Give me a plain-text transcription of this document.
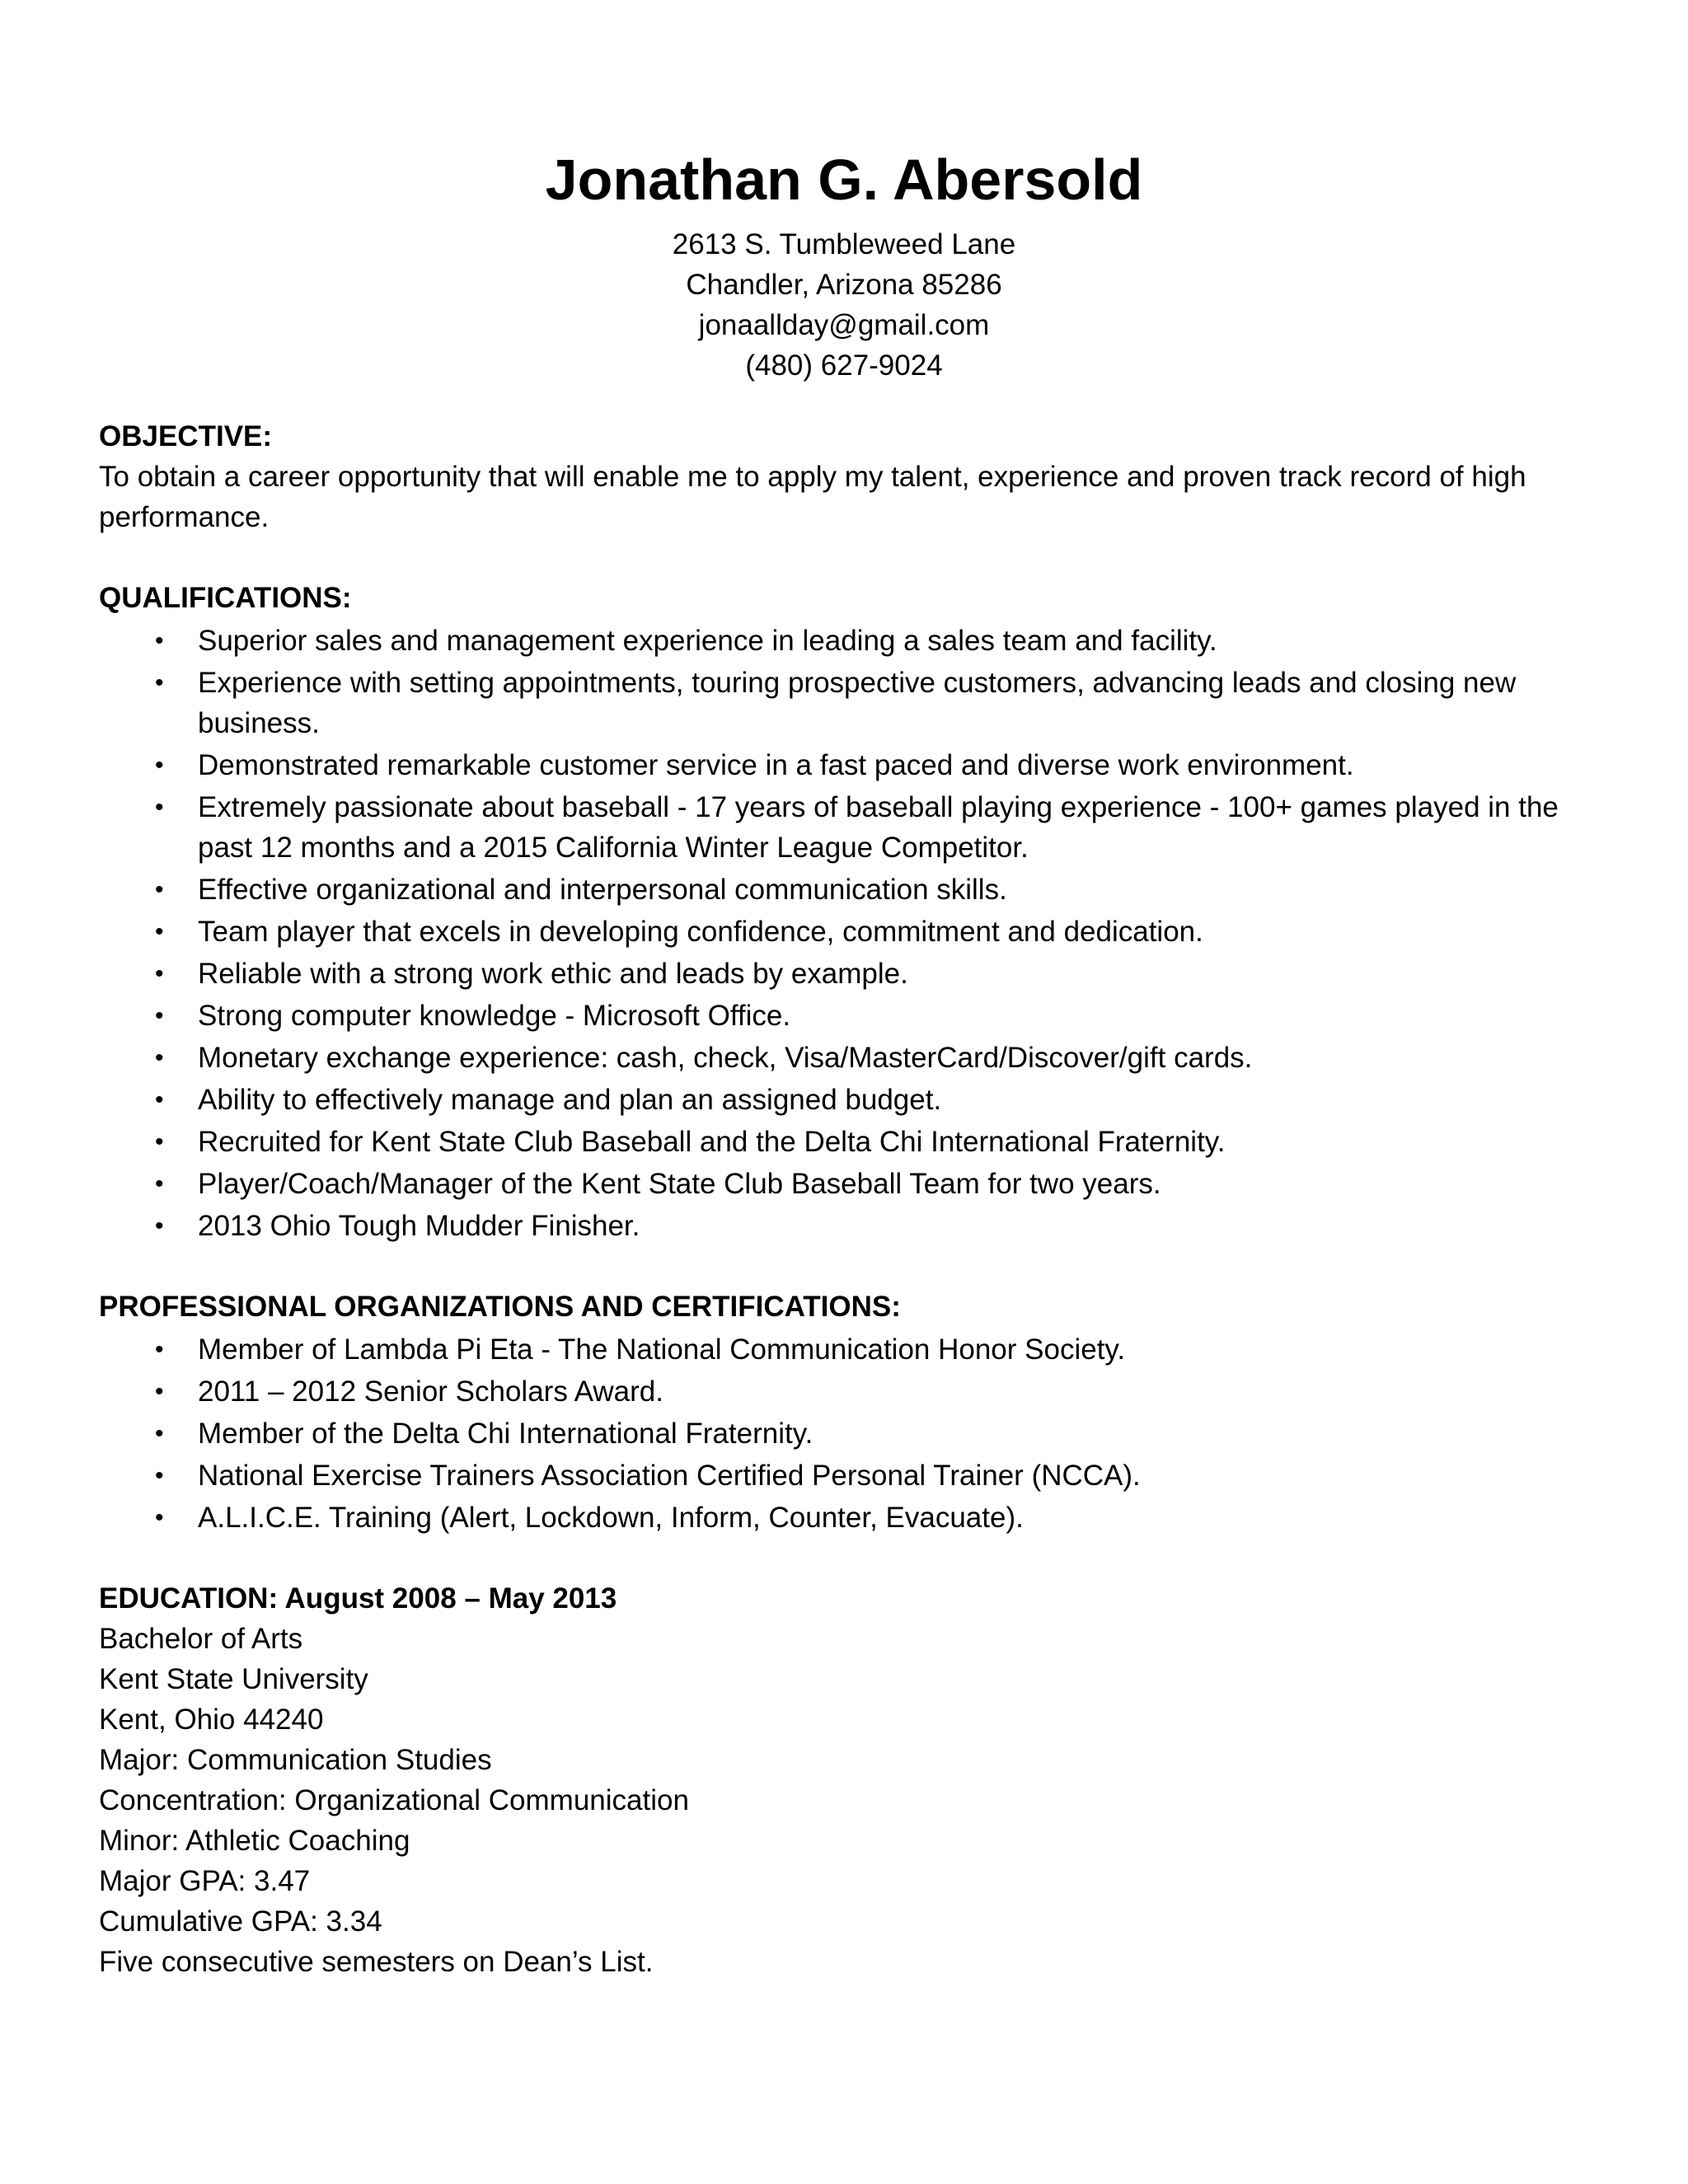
Jonathan G. Abersold
2613 S. Tumbleweed Lane
Chandler, Arizona 85286
jonaallday@gmail.com
(480) 627-9024
OBJECTIVE:
To obtain a career opportunity that will enable me to apply my talent, experience and proven track record of high performance.
QUALIFICATIONS:
•	Superior sales and management experience in leading a sales team and facility.
•	Experience with setting appointments, touring prospective customers, advancing leads and closing new business.
•	Demonstrated remarkable customer service in a fast paced and diverse work environment.
•	Extremely passionate about baseball - 17 years of baseball playing experience - 100+ games played in the past 12 months and a 2015 California Winter League Competitor.
•	Effective organizational and interpersonal communication skills.
•	Team player that excels in developing confidence, commitment and dedication.
•	Reliable with a strong work ethic and leads by example.
•	Strong computer knowledge - Microsoft Office.
•	Monetary exchange experience: cash, check, Visa/MasterCard/Discover/gift cards.
•	Ability to effectively manage and plan an assigned budget.
•	Recruited for Kent State Club Baseball and the Delta Chi International Fraternity.
•	Player/Coach/Manager of the Kent State Club Baseball Team for two years.
•	2013 Ohio Tough Mudder Finisher.
PROFESSIONAL ORGANIZATIONS AND CERTIFICATIONS:
•	Member of Lambda Pi Eta - The National Communication Honor Society.
•	2011 – 2012 Senior Scholars Award.
•	Member of the Delta Chi International Fraternity.
•	National Exercise Trainers Association Certified Personal Trainer (NCCA).
•	A.L.I.C.E. Training (Alert, Lockdown, Inform, Counter, Evacuate).
EDUCATION: August 2008 – May 2013
Bachelor of Arts
Kent State University
Kent, Ohio 44240
Major: Communication Studies
Concentration: Organizational Communication
Minor: Athletic Coaching
Major GPA: 3.47
Cumulative GPA: 3.34
Five consecutive semesters on Dean’s List.
